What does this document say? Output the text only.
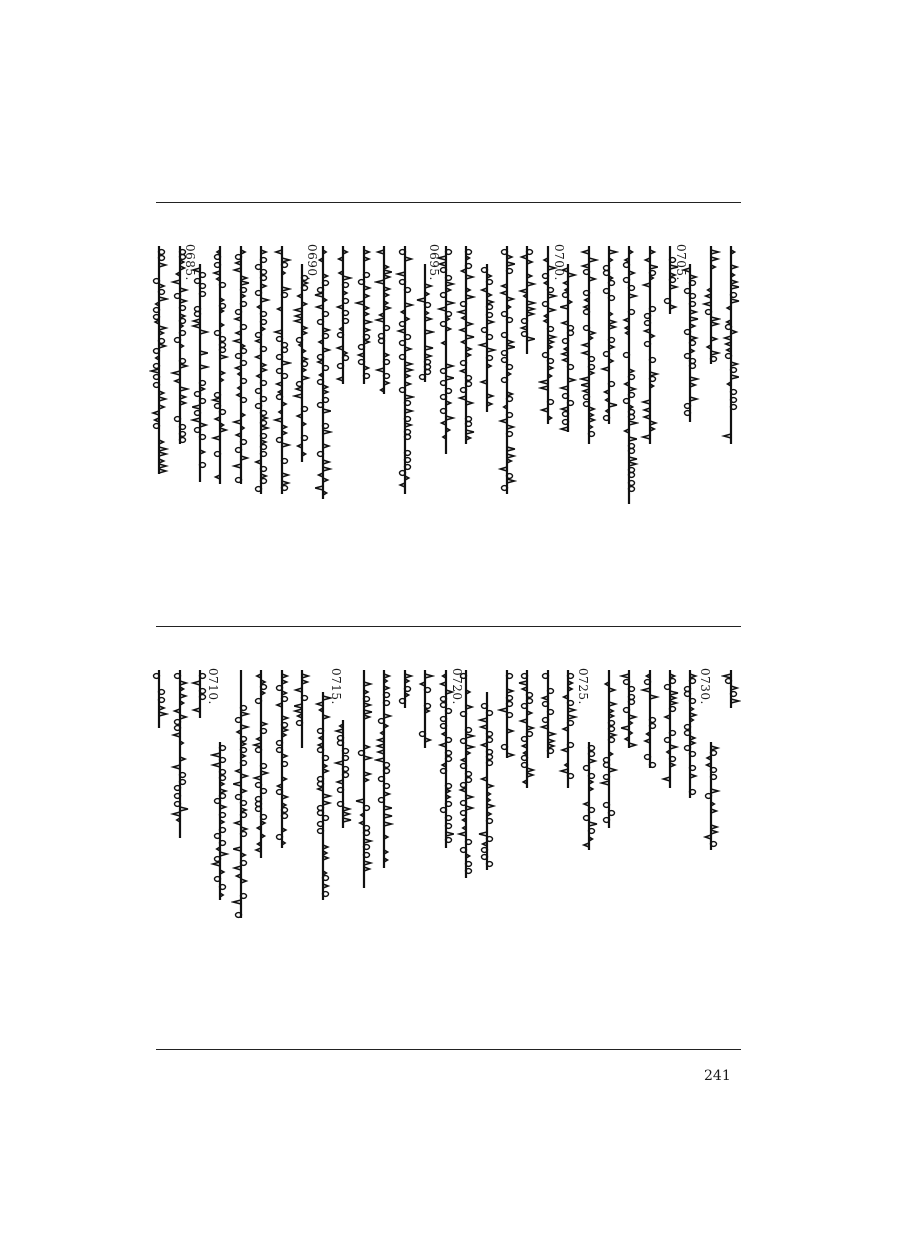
0705.
0700.
0695.
0690.
0685.
0730.
0725.
0720.
0715.
0710.
241
